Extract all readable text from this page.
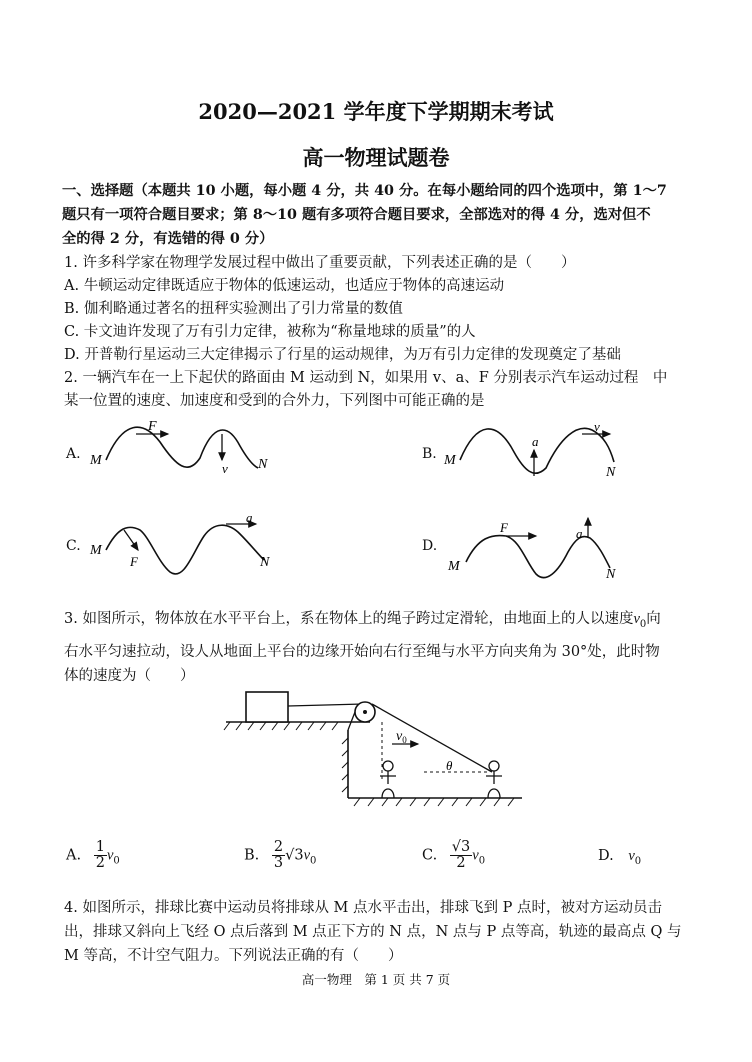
2020—2021 学年度下学期期末考试
高一物理试题卷
一、选择题（本题共 10 小题，每小题 4 分，共 40 分。在每小题给同的四个选项中，第 1～7
题只有一项符合题目要求；第 8～10 题有多项符合题目要求，全部选对的得 4 分，选对但不
全的得 2 分，有选错的得 0 分）
1. 许多科学家在物理学发展过程中做出了重要贡献，下列表述正确的是（　　）
A. 牛顿运动定律既适应于物体的低速运动，也适应于物体的高速运动
B. 伽利略通过著名的扭秤实验测出了引力常量的数值
C. 卡文迪许发现了万有引力定律，被称为“称量地球的质量”的人
D. 开普勒行星运动三大定律揭示了行星的运动规律，为万有引力定律的发现奠定了基础
2. 一辆汽车在一上下起伏的路面由 M 运动到 N，如果用 v、a、F 分别表示汽车运动过程　中
某一位置的速度、加速度和受到的合外力，下列图中可能正确的是
A.	B.
C.	D.
M
F
v N	M
a
v
N
M
F
a
N	M
F	a
N
3. 如图所示，物体放在水平平台上，系在物体上的绳子跨过定滑轮，由地面上的人以速度$v_0$向
右水平匀速拉动，设人从地面上平台的边缘开始向右行至绳与水平方向夹角为 30°处，此时物
体的速度为（　　）
$v_0$
θ
A. $\frac{1}{2} v_0$	B. $\frac{2}{3} √3v_0$	C. $\frac{√3}{2} v_0$	D. $v_0$
4. 如图所示，排球比赛中运动员将排球从 M 点水平击出，排球飞到 P 点时，被对方运动员击
出，排球又斜向上飞经 O 点后落到 M 点正下方的 N 点，N 点与 P 点等高，轨迹的最高点 Q 与
M 等高，不计空气阻力。下列说法正确的有（　　）
高一物理　第 1 页 共 7 页
